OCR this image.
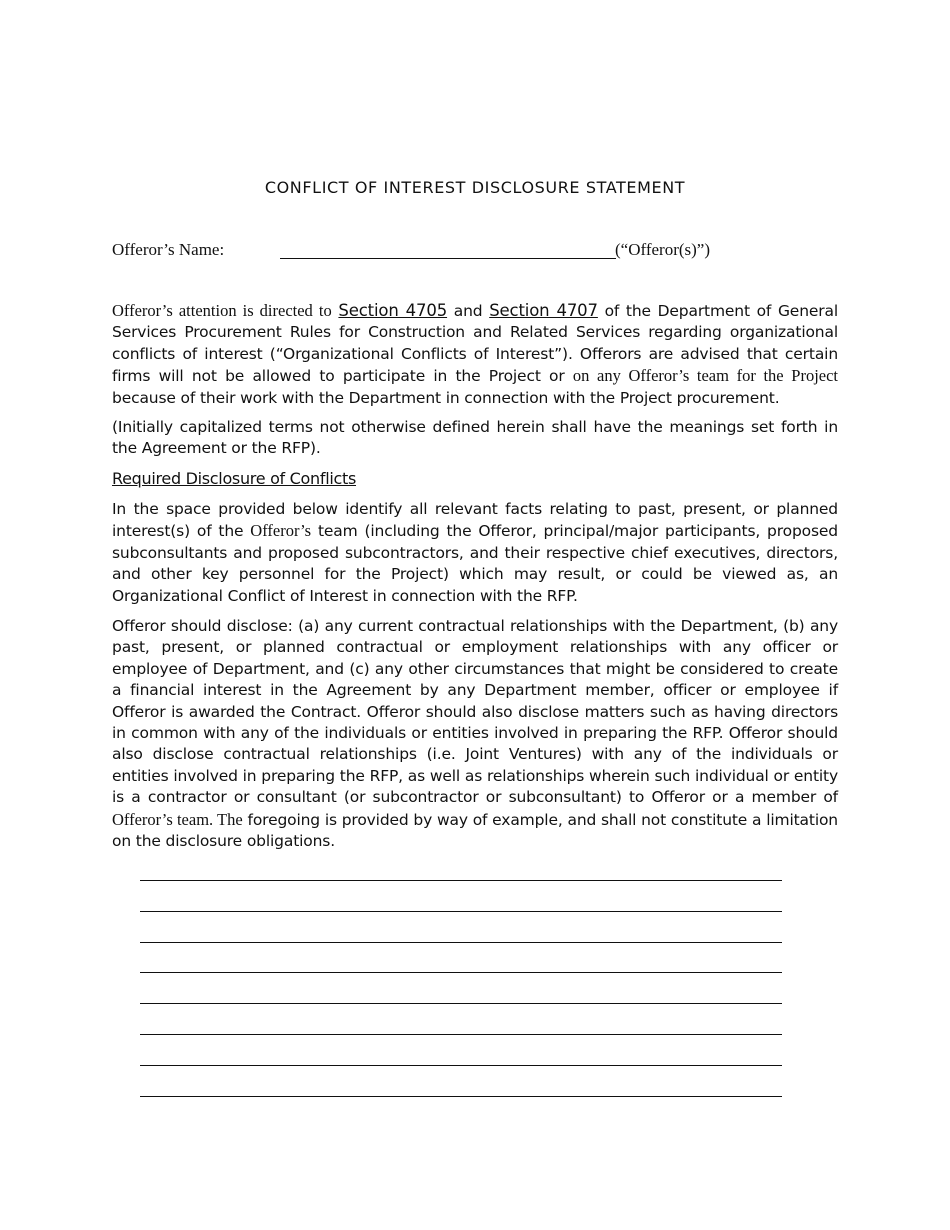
CONFLICT OF INTEREST DISCLOSURE STATEMENT
Offeror’s Name:	(“Offeror(s)”)
Offeror’s attention is directed to Section 4705 and Section 4707 of the Department of General Services Procurement Rules for Construction and Related Services regarding organizational conflicts of interest (“Organizational Conflicts of Interest”). Offerors are advised that certain firms will not be allowed to participate in the Project or on any Offeror’s team for the Project because of their work with the Department in connection with the Project procurement.
(Initially capitalized terms not otherwise defined herein shall have the meanings set forth in the Agreement or the RFP).
Required Disclosure of Conflicts
In the space provided below identify all relevant facts relating to past, present, or planned interest(s) of the Offeror’s team (including the Offeror, principal/major participants, proposed subconsultants and proposed subcontractors, and their respective chief executives, directors, and other key personnel for the Project) which may result, or could be viewed as, an Organizational Conflict of Interest in connection with the RFP.
Offeror should disclose: (a) any current contractual relationships with the Department, (b) any past, present, or planned contractual or employment relationships with any officer or employee of Department, and (c) any other circumstances that might be considered to create a financial interest in the Agreement by any Department member, officer or employee if Offeror is awarded the Contract. Offeror should also disclose matters such as having directors in common with any of the individuals or entities involved in preparing the RFP. Offeror should also disclose contractual relationships (i.e. Joint Ventures) with any of the individuals or entities involved in preparing the RFP, as well as relationships wherein such individual or entity is a contractor or consultant (or subcontractor or subconsultant) to Offeror or a member of Offeror’s team. The foregoing is provided by way of example, and shall not constitute a limitation on the disclosure obligations.
